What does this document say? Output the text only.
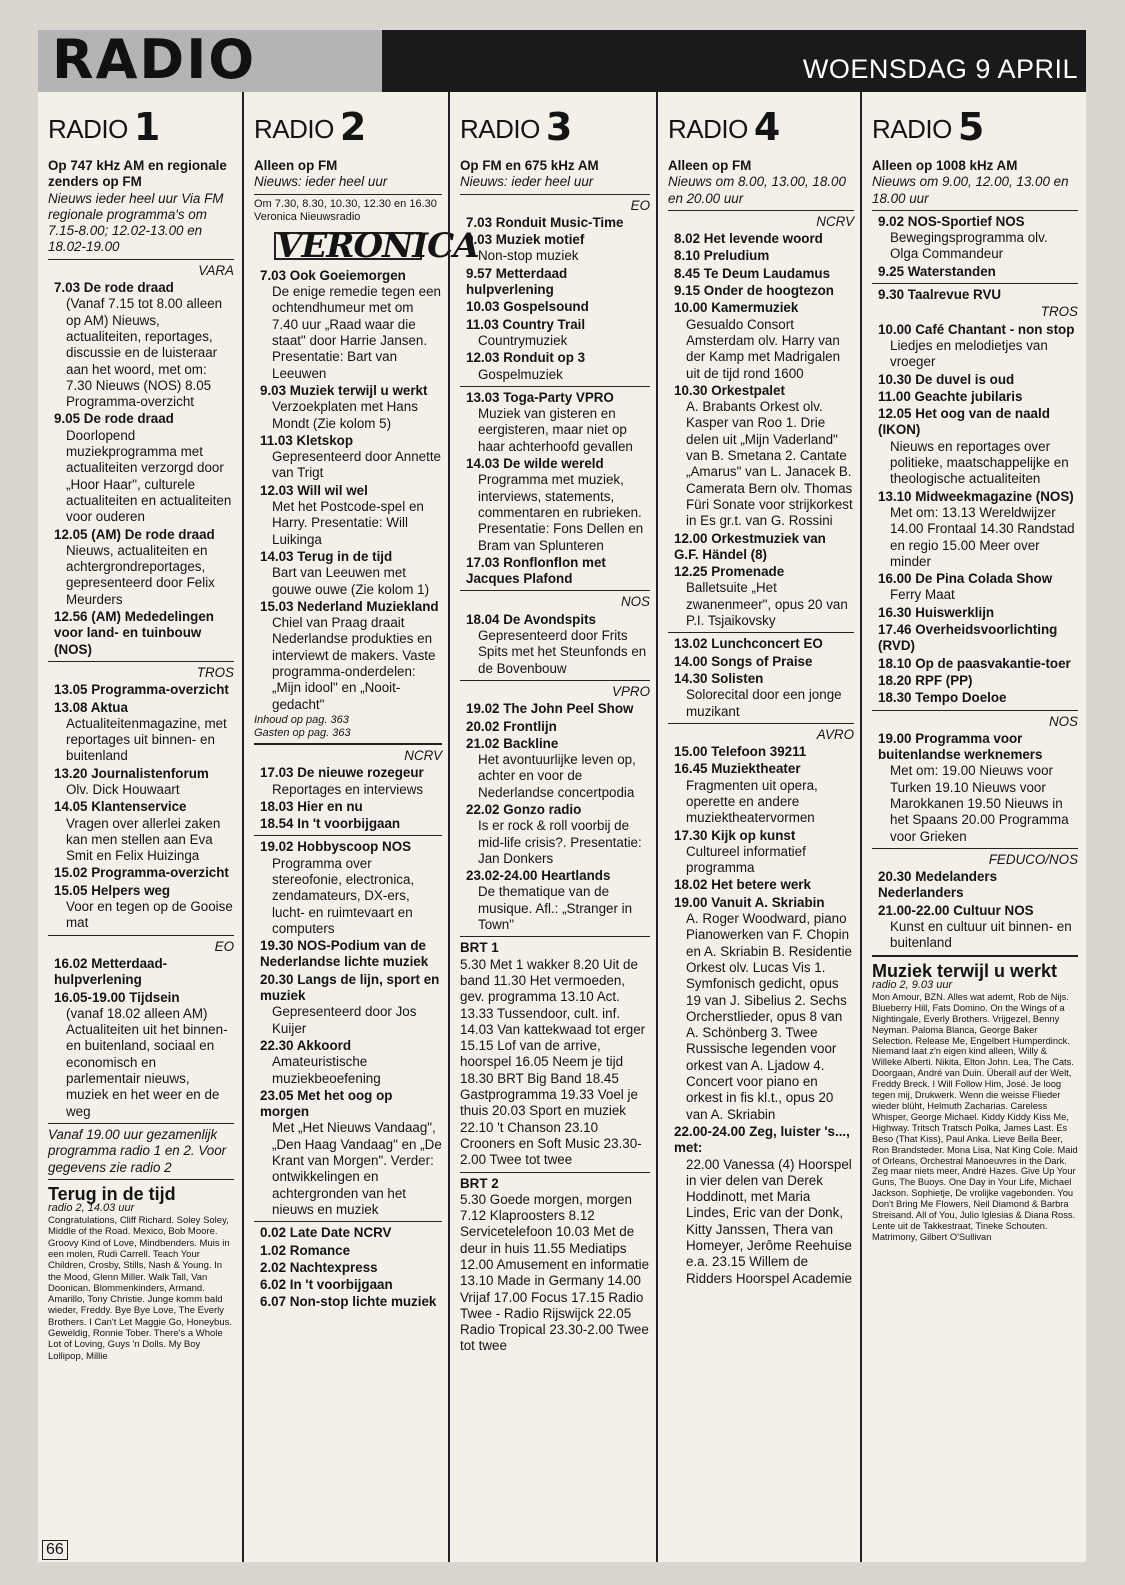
RADIO	WOENSDAG 9 APRIL
RADIO 1
Op 747 kHz AM en regionale zenders op FM
Nieuws ieder heel uur Via FM regionale programma's om 7.15-8.00; 12.02-13.00 en 18.02-19.00
VARA
7.03 De rode draad
(Vanaf 7.15 tot 8.00 alleen op AM) Nieuws, actualiteiten, reportages, discussie en de luisteraar aan het woord, met om: 7.30 Nieuws (NOS) 8.05 Programma-overzicht
9.05 De rode draad
Doorlopend muziekprogramma met actualiteiten verzorgd door „Hoor Haar", culturele actualiteiten en actualiteiten voor ouderen
12.05 (AM) De rode draad
Nieuws, actualiteiten en achtergrondreportages, gepresenteerd door Felix Meurders
12.56 (AM) Mededelingen voor land- en tuinbouw (NOS)
TROS
13.05 Programma-overzicht
13.08 Aktua
Actualiteitenmagazine, met reportages uit binnen- en buitenland
13.20 Journalistenforum
Olv. Dick Houwaart
14.05 Klantenservice
Vragen over allerlei zaken kan men stellen aan Eva Smit en Felix Huizinga
15.02 Programma-overzicht
15.05 Helpers weg
Voor en tegen op de Gooise mat
EO
16.02 Metterdaad-hulpverlening
16.05-19.00 Tijdsein
(vanaf 18.02 alleen AM) Actualiteiten uit het binnen- en buitenland, sociaal en economisch en parlementair nieuws, muziek en het weer en de weg
Vanaf 19.00 uur gezamenlijk programma radio 1 en 2. Voor gegevens zie radio 2
Terug in de tijd
radio 2, 14.03 uur
Congratulations, Cliff Richard. Soley Soley, Middle of the Road. Mexico, Bob Moore. Groovy Kind of Love, Mindbenders. Muis in een molen, Rudi Carrell. Teach Your Children, Crosby, Stills, Nash & Young. In the Mood, Glenn Miller. Walk Tall, Van Doonican. Blommenkinders, Armand. Amarillo, Tony Christie. Junge komm bald wieder, Freddy. Bye Bye Love, The Everly Brothers. I Can't Let Maggie Go, Honeybus. Geweldig, Ronnie Tober. There's a Whole Lot of Loving, Guys 'n Dolls. My Boy Lollipop, Millie
RADIO 2
Alleen op FM
Nieuws: ieder heel uur
Om 7.30, 8.30, 10.30, 12.30 en 16.30 Veronica Nieuwsradio
VERONICA
7.03 Ook Goeiemorgen
De enige remedie tegen een ochtendhumeur met om 7.40 uur „Raad waar die staat" door Harrie Jansen. Presentatie: Bart van Leeuwen
9.03 Muziek terwijl u werkt
Verzoekplaten met Hans Mondt (Zie kolom 5)
11.03 Kletskop
Gepresenteerd door Annette van Trigt
12.03 Will wil wel
Met het Postcode-spel en Harry. Presentatie: Will Luikinga
14.03 Terug in de tijd
Bart van Leeuwen met gouwe ouwe (Zie kolom 1)
15.03 Nederland Muziekland
Chiel van Praag draait Nederlandse produkties en interviewt de makers. Vaste programma-onderdelen: „Mijn idool" en „Nooit-gedacht"
Inhoud op pag. 363
Gasten op pag. 363
NCRV
17.03 De nieuwe rozegeur
Reportages en interviews
18.03 Hier en nu
18.54 In 't voorbijgaan
19.02 Hobbyscoop NOS
Programma over stereofonie, electronica, zendamateurs, DX-ers, lucht- en ruimtevaart en computers
19.30 NOS-Podium van de Nederlandse lichte muziek
20.30 Langs de lijn, sport en muziek
Gepresenteerd door Jos Kuijer
22.30 Akkoord
Amateuristische muziekbeoefening
23.05 Met het oog op morgen
Met „Het Nieuws Vandaag", „Den Haag Vandaag" en „De Krant van Morgen". Verder: ontwikkelingen en achtergronden van het nieuws en muziek
0.02 Late Date NCRV
1.02 Romance
2.02 Nachtexpress
6.02 In 't voorbijgaan
6.07 Non-stop lichte muziek
RADIO 3
Op FM en 675 kHz AM
Nieuws: ieder heel uur
EO
7.03 Ronduit Music-Time
9.03 Muziek motief
Non-stop muziek
9.57 Metterdaad hulpverlening
10.03 Gospelsound
11.03 Country Trail
Countrymuziek
12.03 Ronduit op 3
Gospelmuziek
13.03 Toga-Party VPRO
Muziek van gisteren en eergisteren, maar niet op haar achterhoofd gevallen
14.03 De wilde wereld
Programma met muziek, interviews, statements, commentaren en rubrieken. Presentatie: Fons Dellen en Bram van Splunteren
17.03 Ronflonflon met Jacques Plafond
NOS
18.04 De Avondspits
Gepresenteerd door Frits Spits met het Steunfonds en de Bovenbouw
VPRO
19.02 The John Peel Show
20.02 Frontlijn
21.02 Backline
Het avontuurlijke leven op, achter en voor de Nederlandse concertpodia
22.02 Gonzo radio
Is er rock & roll voorbij de mid-life crisis?. Presentatie: Jan Donkers
23.02-24.00 Heartlands
De thematique van de musique. Afl.: „Stranger in Town"
BRT 1
5.30 Met 1 wakker 8.20 Uit de band 11.30 Het vermoeden, gev. programma 13.10 Act. 13.33 Tussendoor, cult. inf. 14.03 Van kattekwaad tot erger 15.15 Lof van de arrive, hoorspel 16.05 Neem je tijd 18.30 BRT Big Band 18.45 Gastprogramma 19.33 Voel je thuis 20.03 Sport en muziek 22.10 't Chanson 23.10 Crooners en Soft Music 23.30-2.00 Twee tot twee
BRT 2
5.30 Goede morgen, morgen 7.12 Klaproosters 8.12 Servicetelefoon 10.03 Met de deur in huis 11.55 Mediatips 12.00 Amusement en informatie 13.10 Made in Germany 14.00 Vrijaf 17.00 Focus 17.15 Radio Twee - Radio Rijswijck 22.05 Radio Tropical 23.30-2.00 Twee tot twee
RADIO 4
Alleen op FM
Nieuws om 8.00, 13.00, 18.00 en 20.00 uur
NCRV
8.02 Het levende woord
8.10 Preludium
8.45 Te Deum Laudamus
9.15 Onder de hoogtezon
10.00 Kamermuziek
Gesualdo Consort Amsterdam olv. Harry van der Kamp met Madrigalen uit de tijd rond 1600
10.30 Orkestpalet
A. Brabants Orkest olv. Kasper van Roo 1. Drie delen uit „Mijn Vaderland" van B. Smetana 2. Cantate „Amarus" van L. Janacek B. Camerata Bern olv. Thomas Füri Sonate voor strijkorkest in Es gr.t. van G. Rossini
12.00 Orkestmuziek van G.F. Händel (8)
12.25 Promenade
Balletsuite „Het zwanenmeer", opus 20 van P.I. Tsjaikovsky
13.02 Lunchconcert EO
14.00 Songs of Praise
14.30 Solisten
Solorecital door een jonge muzikant
AVRO
15.00 Telefoon 39211
16.45 Muziektheater
Fragmenten uit opera, operette en andere muziektheatervormen
17.30 Kijk op kunst
Cultureel informatief programma
18.02 Het betere werk
19.00 Vanuit A. Skriabin
A. Roger Woodward, piano Pianowerken van F. Chopin en A. Skriabin B. Residentie Orkest olv. Lucas Vis 1. Symfonisch gedicht, opus 19 van J. Sibelius 2. Sechs Orcherstlieder, opus 8 van A. Schönberg 3. Twee Russische legenden voor orkest van A. Ljadow 4. Concert voor piano en orkest in fis kl.t., opus 20 van A. Skriabin
22.00-24.00 Zeg, luister 's..., met:
22.00 Vanessa (4) Hoorspel in vier delen van Derek Hoddinott, met Maria Lindes, Eric van der Donk, Kitty Janssen, Thera van Homeyer, Jerôme Reehuise e.a. 23.15 Willem de Ridders Hoorspel Academie
RADIO 5
Alleen op 1008 kHz AM
Nieuws om 9.00, 12.00, 13.00 en 18.00 uur
9.02 NOS-Sportief NOS
Bewegingsprogramma olv. Olga Commandeur
9.25 Waterstanden
9.30 Taalrevue RVU
TROS
10.00 Café Chantant - non stop
Liedjes en melodietjes van vroeger
10.30 De duvel is oud
11.00 Geachte jubilaris
12.05 Het oog van de naald (IKON)
Nieuws en reportages over politieke, maatschappelijke en theologische actualiteiten
13.10 Midweekmagazine (NOS)
Met om: 13.13 Wereldwijzer 14.00 Frontaal 14.30 Randstad en regio 15.00 Meer over minder
16.00 De Pina Colada Show
Ferry Maat
16.30 Huiswerklijn
17.46 Overheidsvoorlichting (RVD)
18.10 Op de paasvakantie-toer
18.20 RPF (PP)
18.30 Tempo Doeloe
NOS
19.00 Programma voor buitenlandse werknemers
Met om: 19.00 Nieuws voor Turken 19.10 Nieuws voor Marokkanen 19.50 Nieuws in het Spaans 20.00 Programma voor Grieken
FEDUCO/NOS
20.30 Medelanders Nederlanders
21.00-22.00 Cultuur NOS
Kunst en cultuur uit binnen- en buitenland
Muziek terwijl u werkt
radio 2, 9.03 uur
Mon Amour, BZN. Alles wat ademt, Rob de Nijs. Blueberry Hill, Fats Domino. On the Wings of a Nightingale, Everly Brothers. Vrijgezel, Benny Neyman. Paloma Blanca, George Baker Selection. Release Me, Engelbert Humperdinck. Niemand laat z'n eigen kind alleen, Willy & Willeke Alberti. Nikita, Elton John. Lea, The Cats. Doorgaan, André van Duin. Überall auf der Welt, Freddy Breck. I Will Follow Him, José. Je loog tegen mij, Drukwerk. Wenn die weisse Flieder wieder blüht, Helmuth Zacharias. Careless Whisper, George Michael. Kiddy Kiddy Kiss Me, Highway. Tritsch Tratsch Polka, James Last. Es Beso (That Kiss), Paul Anka. Lieve Bella Beer, Ron Brandsteder. Mona Lisa, Nat King Cole. Maid of Orleans, Orchestral Manoeuvres in the Dark. Zeg maar niets meer, André Hazes. Give Up Your Guns, The Buoys. One Day in Your Life, Michael Jackson. Sophietje, De vrolijke vagebonden. You Don't Bring Me Flowers, Neil Diamond & Barbra Streisand. All of You, Julio Iglesias & Diana Ross. Lente uit de Takkestraat, Tineke Schouten. Matrimony, Gilbert O'Sullivan
66
